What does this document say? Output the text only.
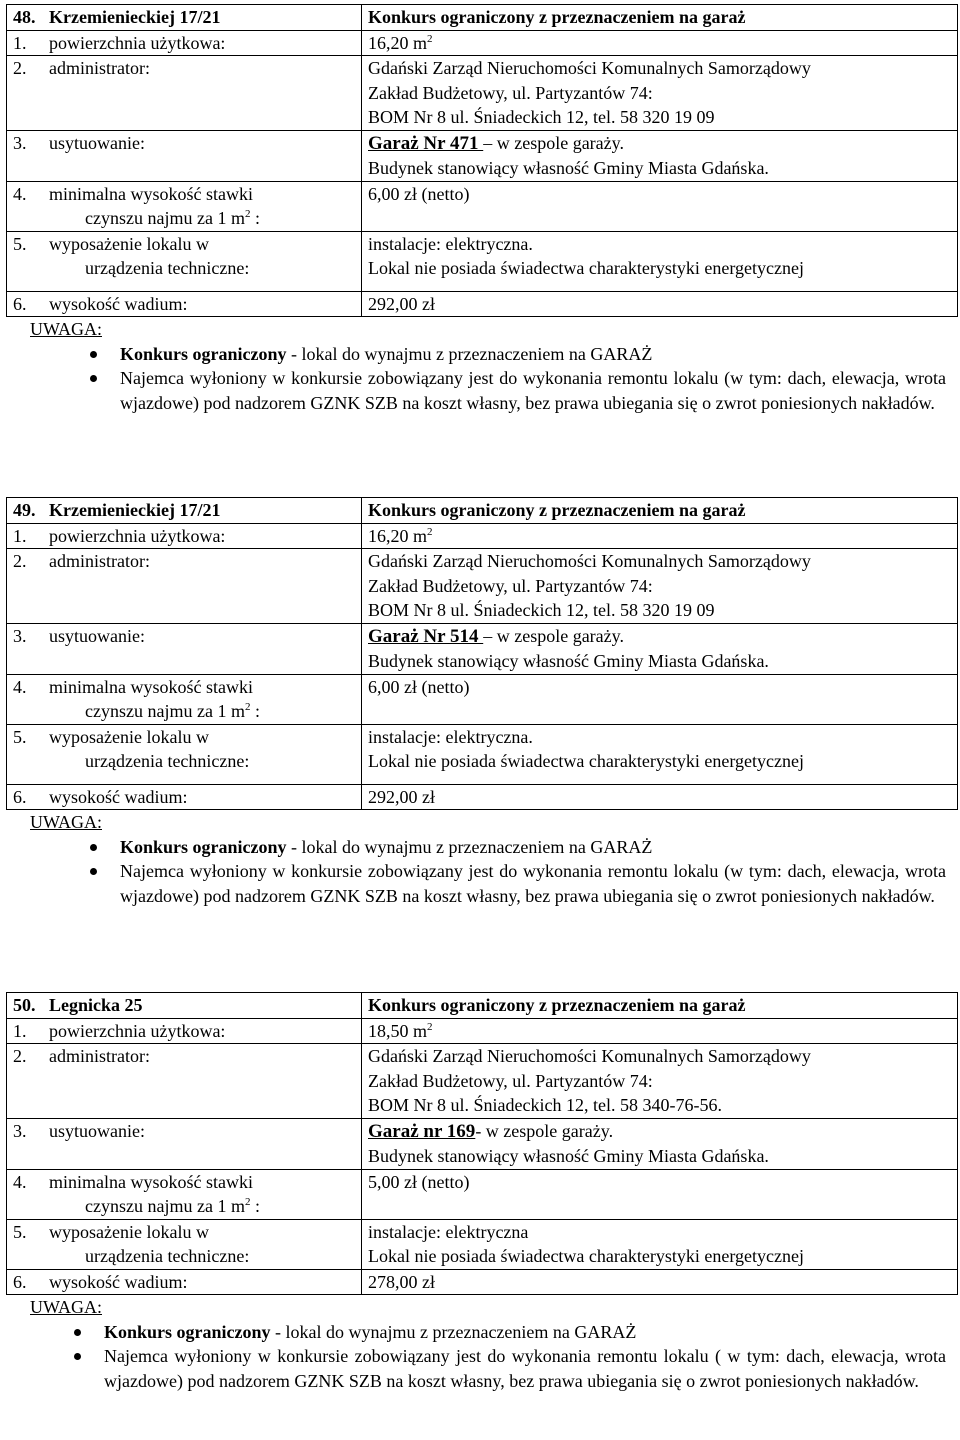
48. Krzemienieckiej 17/21	Konkurs ograniczony z przeznaczeniem na garaż
1.     powierzchnia użytkowa:	16,20 $m^2$
2.     administrator:	Gdański Zarząd Nieruchomości Komunalnych Samorządowy
Zakład Budżetowy, ul. Partyzantów 74:
BOM Nr 8 ul. Śniadeckich 12, tel. 58 320 19 09
3.     usytuowanie:	Garaż Nr 471 – w zespole garaży.
Budynek stanowiący własność Gminy Miasta Gdańska.
4.     minimalna wysokość stawki

czynszu najmu za 1 $m^2$ :	6,00 zł (netto)
5.     wyposażenie lokalu w

urządzenia techniczne:	instalacje: elektryczna.
Lokal nie posiada świadectwa charakterystyki energetycznej
6.     wysokość wadium:	292,00 zł
UWAGA:
Konkurs ograniczony - lokal do wynajmu z przeznaczeniem na GARAŻ
Najemca wyłoniony w konkursie zobowiązany jest do wykonania remontu lokalu (w tym: dach, elewacja, wrota wjazdowe) pod nadzorem GZNK SZB na koszt własny, bez prawa ubiegania się o zwrot poniesionych nakładów.
49. Krzemienieckiej 17/21	Konkurs ograniczony z przeznaczeniem na garaż
1.     powierzchnia użytkowa:	16,20 $m^2$
2.     administrator:	Gdański Zarząd Nieruchomości Komunalnych Samorządowy
Zakład Budżetowy, ul. Partyzantów 74:
BOM Nr 8 ul. Śniadeckich 12, tel. 58 320 19 09
3.     usytuowanie:	Garaż Nr 514 – w zespole garaży.
Budynek stanowiący własność Gminy Miasta Gdańska.
4.     minimalna wysokość stawki

czynszu najmu za 1 $m^2$ :	6,00 zł (netto)
5.     wyposażenie lokalu w

urządzenia techniczne:	instalacje: elektryczna.
Lokal nie posiada świadectwa charakterystyki energetycznej
6.     wysokość wadium:	292,00 zł
UWAGA:
Konkurs ograniczony - lokal do wynajmu z przeznaczeniem na GARAŻ
Najemca wyłoniony w konkursie zobowiązany jest do wykonania remontu lokalu (w tym: dach, elewacja, wrota wjazdowe) pod nadzorem GZNK SZB na koszt własny, bez prawa ubiegania się o zwrot poniesionych nakładów.
50. Legnicka 25	Konkurs ograniczony z przeznaczeniem na garaż
1.     powierzchnia użytkowa:	18,50 $m^2$
2.     administrator:	Gdański Zarząd Nieruchomości Komunalnych Samorządowy
Zakład Budżetowy, ul. Partyzantów 74:
BOM Nr 8 ul. Śniadeckich 12, tel. 58 340-76-56.
3.     usytuowanie:	Garaż nr 169- w zespole garaży.
Budynek stanowiący własność Gminy Miasta Gdańska.
4.     minimalna wysokość stawki

czynszu najmu za 1 $m^2$ :	5,00 zł (netto)
5.     wyposażenie lokalu w

urządzenia techniczne:	instalacje: elektryczna
Lokal nie posiada świadectwa charakterystyki energetycznej
6.     wysokość wadium:	278,00 zł
UWAGA:
Konkurs ograniczony - lokal do wynajmu z przeznaczeniem na GARAŻ
Najemca wyłoniony w konkursie zobowiązany jest do wykonania remontu lokalu ( w tym: dach, elewacja, wrota wjazdowe) pod nadzorem GZNK SZB na koszt własny, bez prawa ubiegania się o zwrot poniesionych nakładów.
